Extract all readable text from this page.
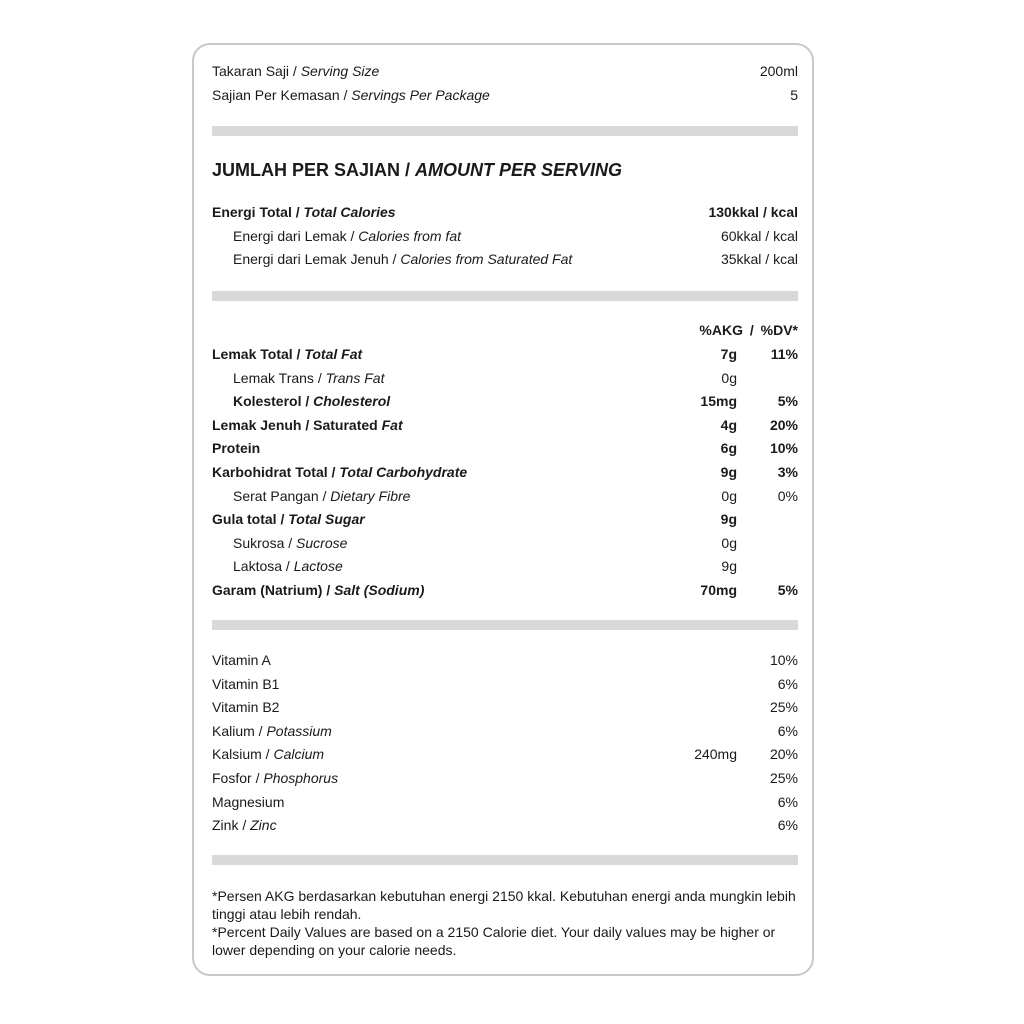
Takaran Saji / Serving Size	200ml
Sajian Per Kemasan / Servings Per Package	5
JUMLAH PER SAJIAN / AMOUNT PER SERVING
Energi Total / Total Calories	130kkal / kcal
Energi dari Lemak / Calories from fat	60kkal / kcal
Energi dari Lemak Jenuh / Calories from Saturated Fat	35kkal / kcal
%AKG / %DV*
Lemak Total / Total Fat	7g 11%
Lemak Trans / Trans Fat	0g
Kolesterol / Cholesterol	15mg	5%
Lemak Jenuh / Saturated Fat	4g 20%
Protein	6g 10%
Karbohidrat Total / Total Carbohydrate	9g	3%
Serat Pangan / Dietary Fibre	0g	0%
Gula total / Total Sugar	9g
Sukrosa / Sucrose	0g
Laktosa / Lactose	9g
Garam (Natrium) / Salt (Sodium)	70mg	5%
Vitamin A	10%
Vitamin B1	6%
Vitamin B2	25%
Kalium / Potassium	6%
Kalsium / Calcium	240mg 20%
Fosfor / Phosphorus	25%
Magnesium	6%
Zink / Zinc	6%
*Persen AKG berdasarkan kebutuhan energi 2150 kkal. Kebutuhan energi anda mungkin lebih tinggi atau lebih rendah.
*Percent Daily Values are based on a 2150 Calorie diet. Your daily values may be higher or lower depending on your calorie needs.
